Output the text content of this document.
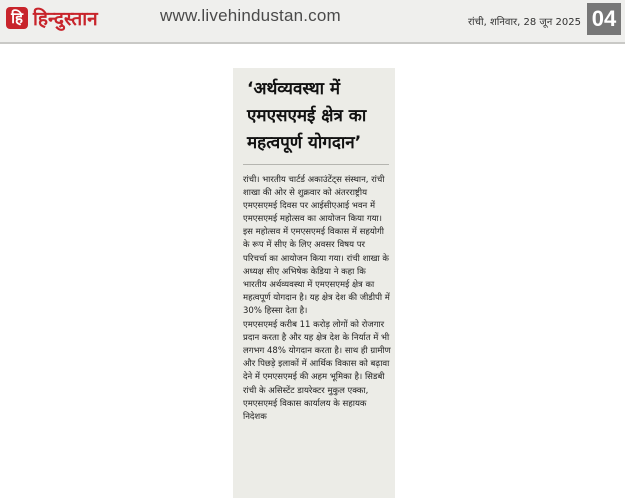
हि हिन्दुस्तान	www.livehindustan.com	रांची, शनिवार, 28 जून 2025 04
‘अर्थव्यवस्था में एमएसएमई क्षेत्र का महत्वपूर्ण योगदान’

रांची। भारतीय चार्टर्ड अकाउंटेंट्स संस्थान, रांची शाखा की ओर से शुक्रवार को अंतरराष्ट्रीय एमएसएमई दिवस पर आईसीएआई भवन में एमएसएमई महोत्सव का आयोजन किया गया। इस महोत्सव में एमएसएमई विकास में सहयोगी के रूप में सीए के लिए अवसर विषय पर परिचर्चा का आयोजन किया गया। रांची शाखा के अध्यक्ष सीए अभिषेक केडिया ने कहा कि भारतीय अर्थव्यवस्था में एमएसएमई क्षेत्र का महत्वपूर्ण योगदान है। यह क्षेत्र देश की जीडीपी में 30% हिस्सा देता है।

एमएसएमई करीब 11 करोड़ लोगों को रोजगार प्रदान करता है और यह क्षेत्र देश के निर्यात में भी लगभग 48% योगदान करता है। साथ ही ग्रामीण और पिछड़े इलाकों में आर्थिक विकास को बढ़ावा देने में एमएसएमई की अहम भूमिका है। सिडबी रांची के असिस्टेंट डायरेक्टर मुकुल एक्का, एमएसएमई विकास कार्यालय के सहायक निदेशक
